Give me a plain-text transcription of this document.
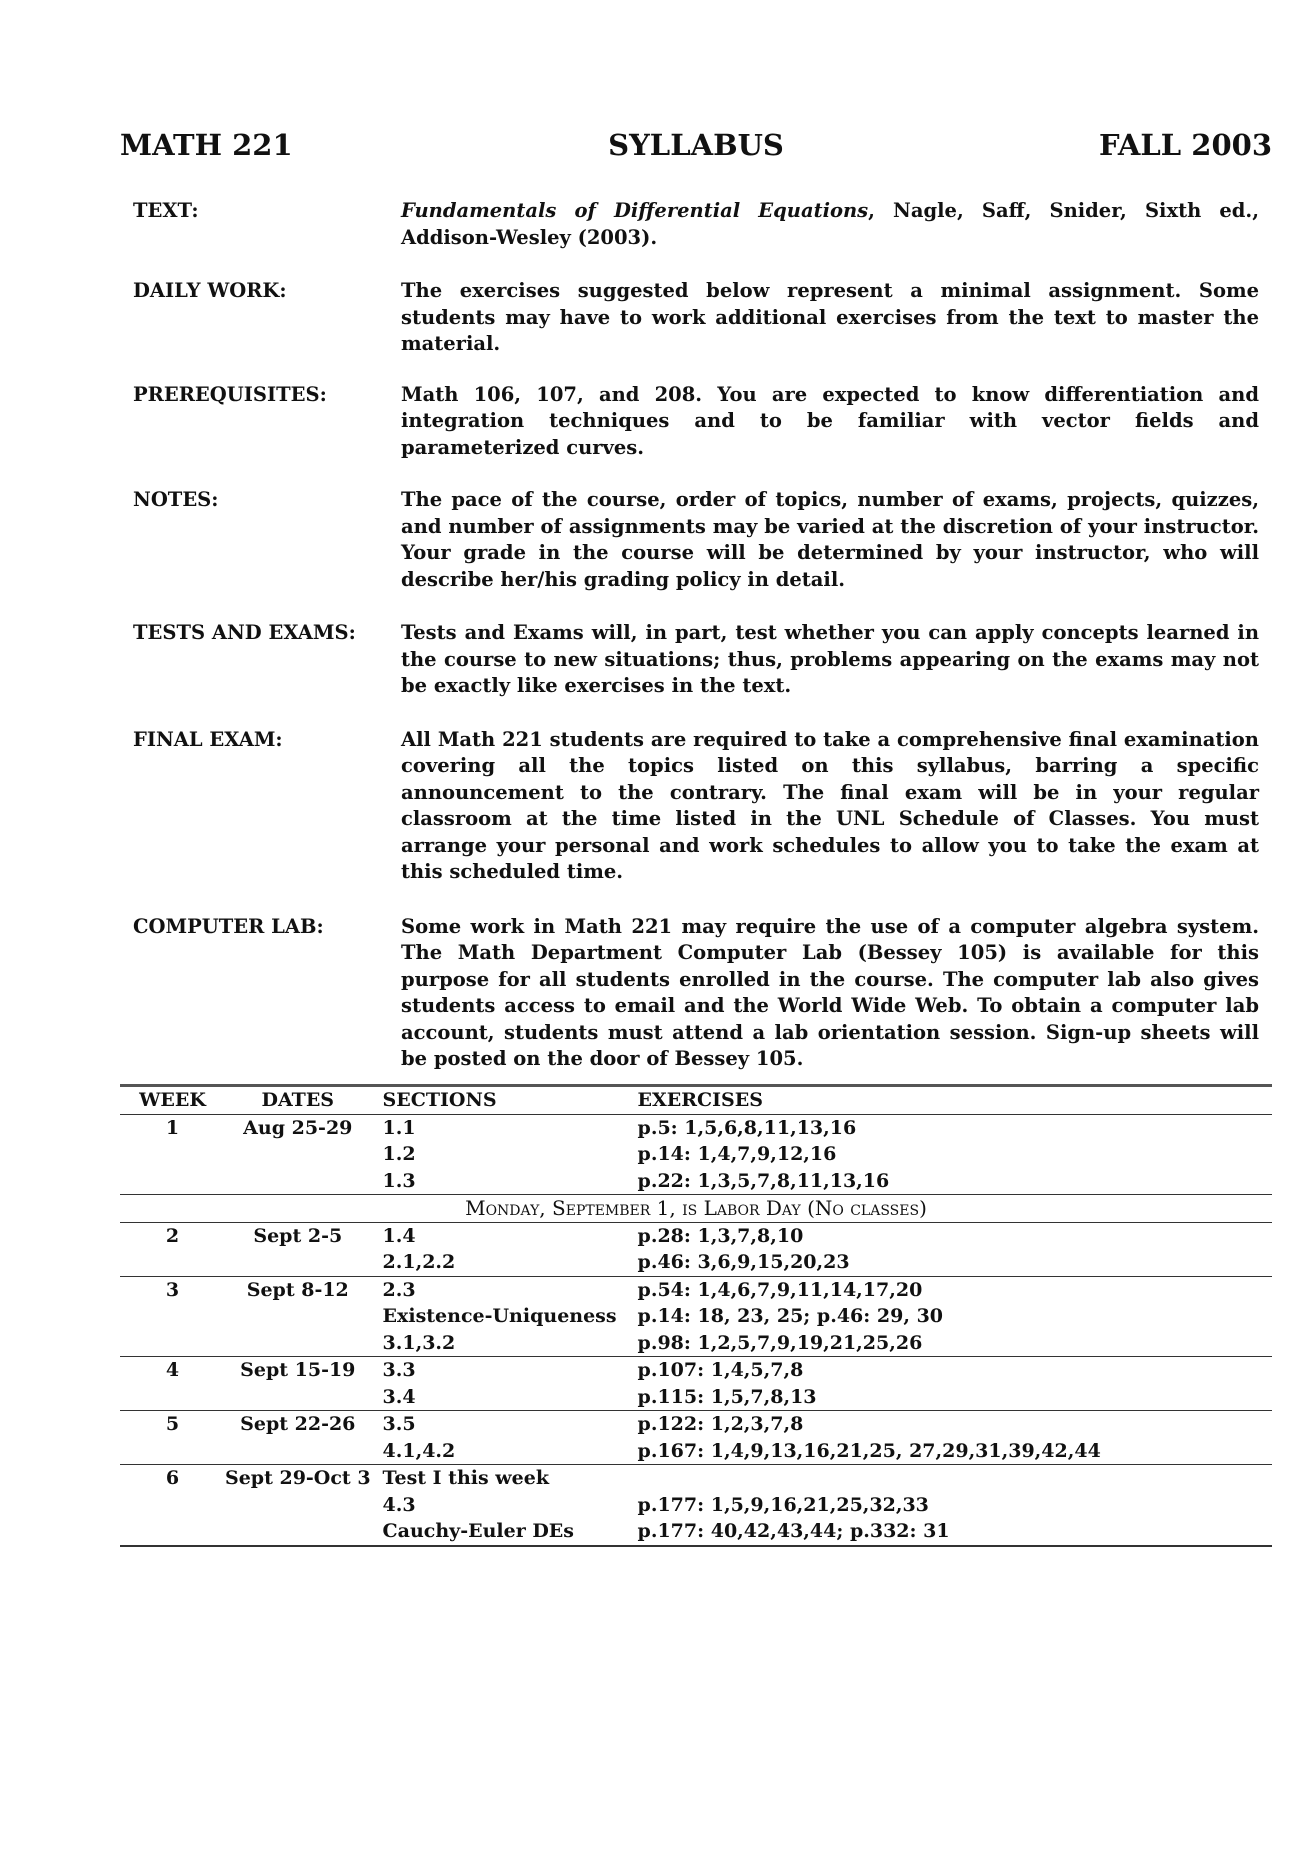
SYLLABUS
MATH 221	FALL 2003
TEXT:	Fundamentals of Differential Equations, Nagle, Saff, Snider, Sixth ed., Addison-Wesley (2003).
DAILY WORK:	The exercises suggested below represent a minimal assignment. Some students may have to work additional exercises from the text to master the material.
PREREQUISITES:	Math 106, 107, and 208. You are expected to know differentiation and integration techniques and to be familiar with vector fields and parameterized curves.
NOTES:	The pace of the course, order of topics, number of exams, projects, quizzes, and number of assignments may be varied at the discretion of your instructor. Your grade in the course will be determined by your instructor, who will describe her/his grading policy in detail.
TESTS AND EXAMS:	Tests and Exams will, in part, test whether you can apply concepts learned in the course to new situations; thus, problems appearing on the exams may not be exactly like exercises in the text.
FINAL EXAM:	All Math 221 students are required to take a comprehensive final examination covering all the topics listed on this syllabus, barring a specific announcement to the contrary. The final exam will be in your regular classroom at the time listed in the UNL Schedule of Classes. You must arrange your personal and work schedules to allow you to take the exam at this scheduled time.
COMPUTER LAB:	Some work in Math 221 may require the use of a computer algebra system. The Math Department Computer Lab (Bessey 105) is available for this purpose for all students enrolled in the course. The computer lab also gives students access to email and the World Wide Web. To obtain a computer lab account, students must attend a lab orientation session. Sign-up sheets will be posted on the door of Bessey 105.
WEEK	DATES	SECTIONS	EXERCISES
1	Aug 25-29	1.1	p.5: 1,5,6,8,11,13,16
		1.2	p.14: 1,4,7,9,12,16
		1.3	p.22: 1,3,5,7,8,11,13,16
Monday, September 1, is Labor Day (No classes)			
2	Sept 2-5	1.4	p.28: 1,3,7,8,10
		2.1,2.2	p.46: 3,6,9,15,20,23
3	Sept 8-12	2.3	p.54: 1,4,6,7,9,11,14,17,20
		Existence-Uniqueness	p.14: 18, 23, 25; p.46: 29, 30
		3.1,3.2	p.98: 1,2,5,7,9,19,21,25,26
4	Sept 15-19	3.3	p.107: 1,4,5,7,8
		3.4	p.115: 1,5,7,8,13
5	Sept 22-26	3.5	p.122: 1,2,3,7,8
		4.1,4.2	p.167: 1,4,9,13,16,21,25, 27,29,31,39,42,44
6	Sept 29-Oct 3	Test I this week	
		4.3	p.177: 1,5,9,16,21,25,32,33
		Cauchy-Euler DEs	p.177: 40,42,43,44; p.332: 31
